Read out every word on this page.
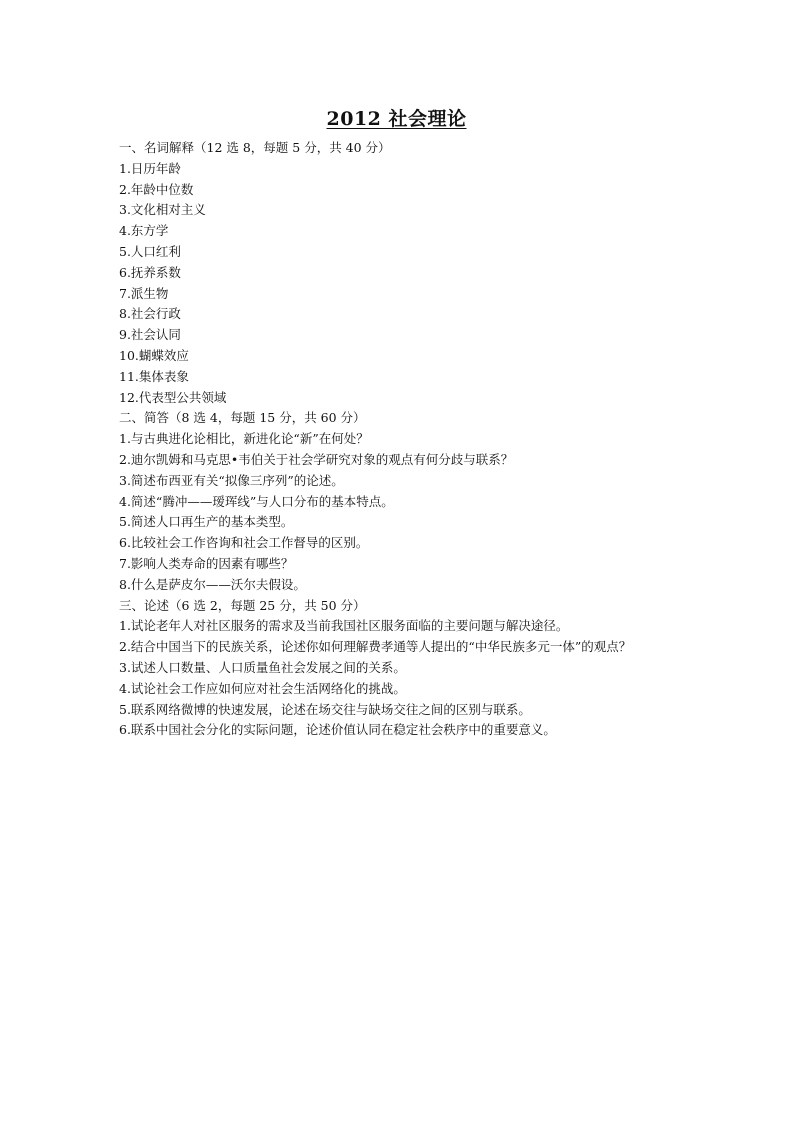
2012 社会理论
一、名词解释（12 选 8，每题 5 分，共 40 分）
1.日历年龄
2.年龄中位数
3.文化相对主义
4.东方学
5.人口红利
6.抚养系数
7.派生物
8.社会行政
9.社会认同
10.蝴蝶效应
11.集体表象
12.代表型公共领域
二、简答（8 选 4，每题 15 分，共 60 分）
1.与古典进化论相比，新进化论“新”在何处？
2.迪尔凯姆和马克思•韦伯关于社会学研究对象的观点有何分歧与联系？
3.简述布西亚有关“拟像三序列”的论述。
4.简述“腾冲——瑷珲线”与人口分布的基本特点。
5.简述人口再生产的基本类型。
6.比较社会工作咨询和社会工作督导的区别。
7.影响人类寿命的因素有哪些？
8.什么是萨皮尔——沃尔夫假设。
三、论述（6 选 2，每题 25 分，共 50 分）
1.试论老年人对社区服务的需求及当前我国社区服务面临的主要问题与解决途径。
2.结合中国当下的民族关系，论述你如何理解费孝通等人提出的“中华民族多元一体”的观点？
3.试述人口数量、人口质量鱼社会发展之间的关系。
4.试论社会工作应如何应对社会生活网络化的挑战。
5.联系网络微博的快速发展，论述在场交往与缺场交往之间的区别与联系。
6.联系中国社会分化的实际问题，论述价值认同在稳定社会秩序中的重要意义。
